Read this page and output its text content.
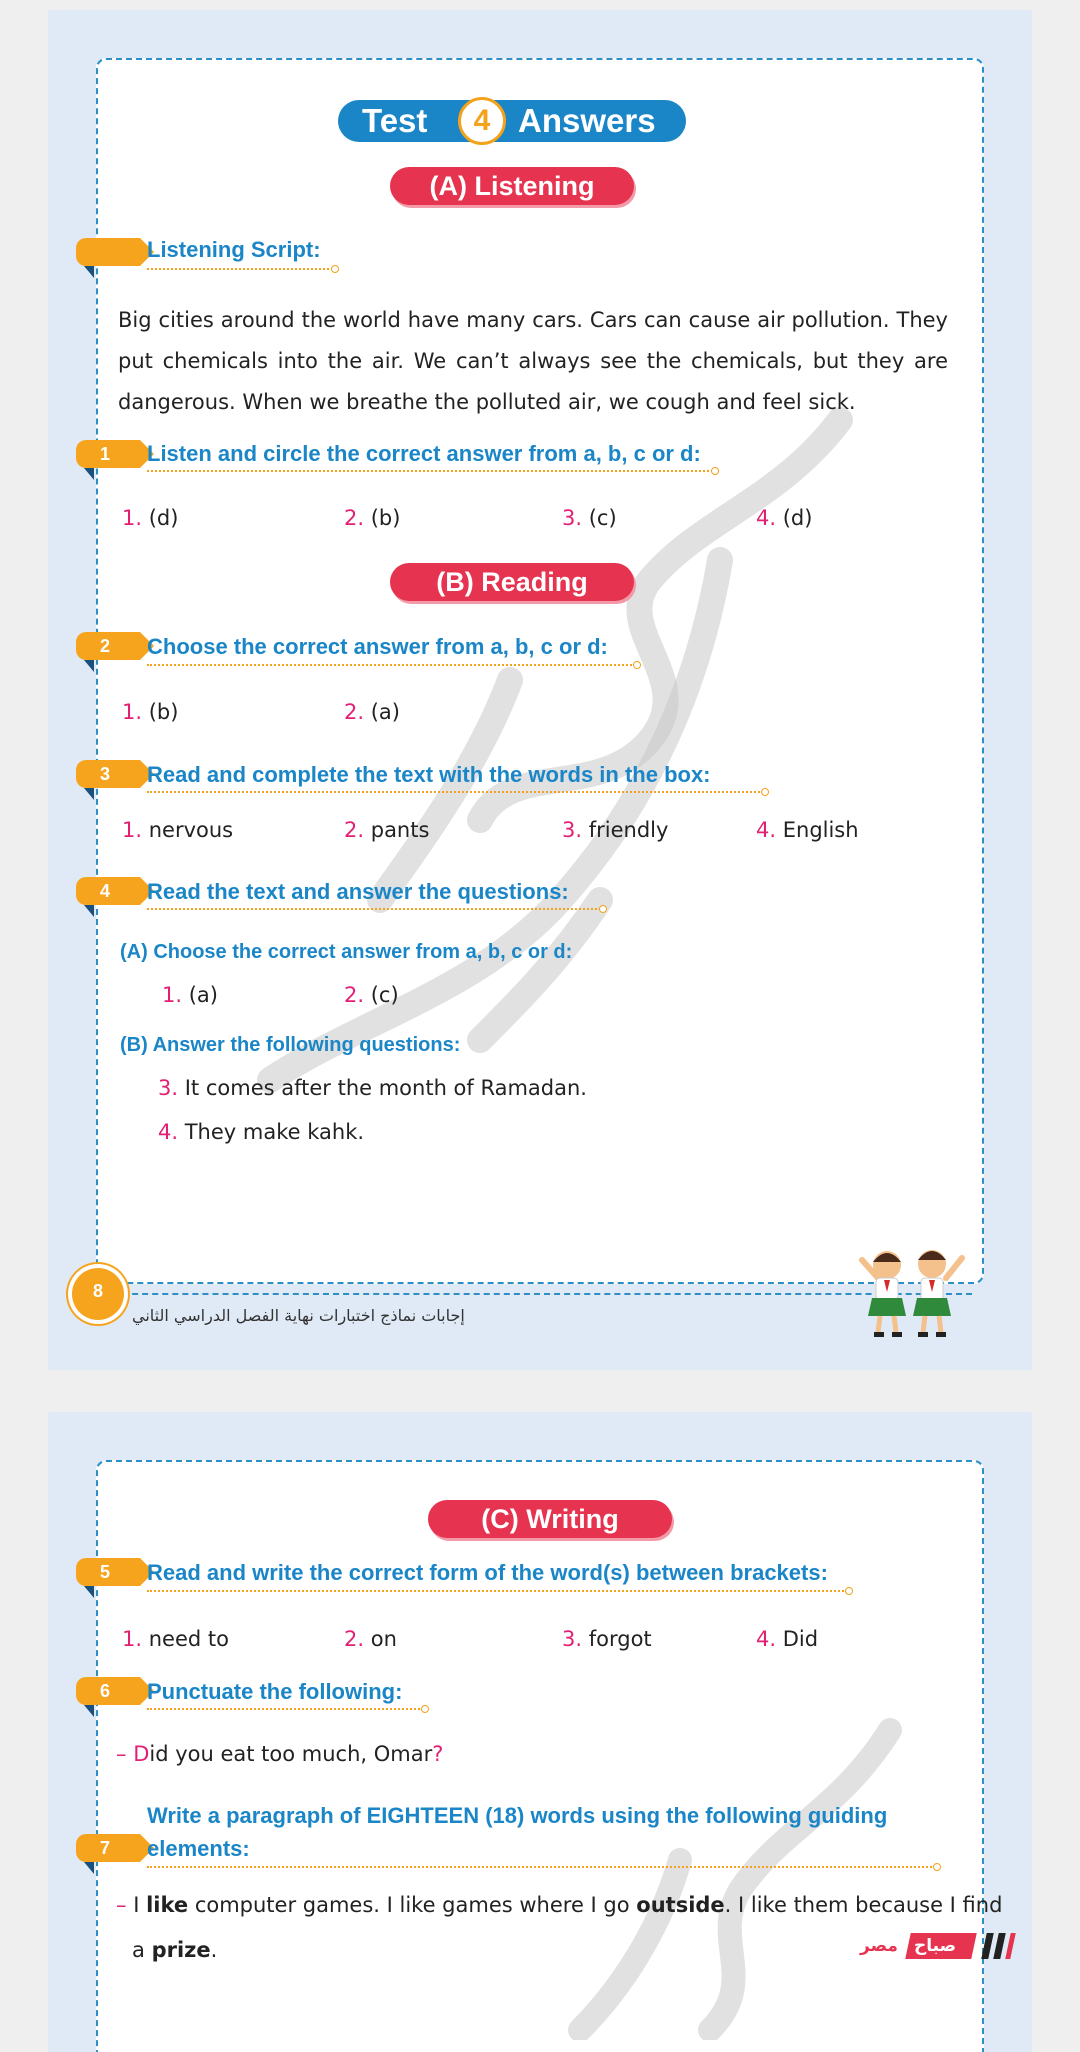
Test	4 Answers
(A) Listening
Listening Script:
Big cities around the world have many cars. Cars can cause air pollution. They put chemicals into the air. We can’t always see the chemicals, but they are dangerous. When we breathe the polluted air, we cough and feel sick.
1	Listen and circle the correct answer from a, b, c or d:
1. (d)	2. (b)	3. (c)	4. (d)
(B) Reading
2	Choose the correct answer from a, b, c or d:
1. (b)	2. (a)
3	Read and complete the text with the words in the box:
1. nervous	2. pants	3. friendly	4. English
4	Read the text and answer the questions:
(A) Choose the correct answer from a, b, c or d:
1. (a)	2. (c)
(B) Answer the following questions:
3. It comes after the month of Ramadan.
4. They make kahk.
8
إجابات نماذج اختبارات نهاية الفصل الدراسي الثاني
(C) Writing
5	Read and write the correct form of the word(s) between brackets:
1. need to	2. on	3. forgot	4. Did
6	Punctuate the following:
– Did you eat too much, Omar?
Write a paragraph of EIGHTEEN (18) words using the following guiding
7	elements:
– I like computer games. I like games where I go outside. I like them because I find
a prize.	مصر صباح
